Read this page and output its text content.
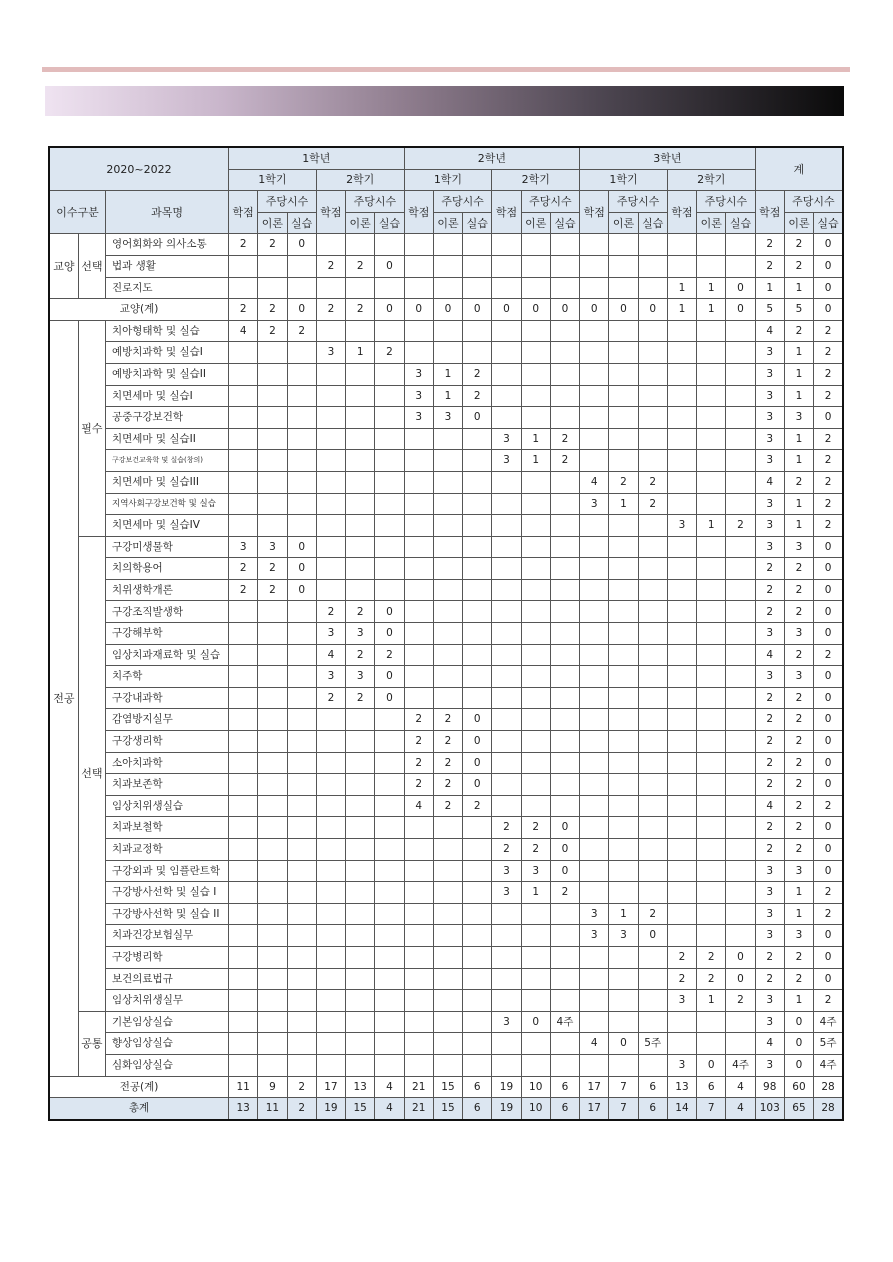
2020~2022			1학년						2학년						3학년						계		
			1학기			2학기			1학기			2학기			1학기			2학기					
이수구분		과목명	학점	주당시수		학점	주당시수		학점	주당시수		학점	주당시수		학점	주당시수		학점	주당시수		학점	주당시수	
				이론	실습		이론	실습		이론	실습		이론	실습		이론	실습		이론	실습		이론	실습
교양	선택	영어회화와 의사소통	2	2	0																2	2	0
		법과 생활				2	2	0													2	2	0
		진로지도																1	1	0	1	1	0
교양(계)			2	2	0	2	2	0	0	0	0	0	0	0	0	0	0	1	1	0	5	5	0
전공	필수	치아형태학 및 실습	4	2	2																4	2	2
		예방치과학 및 실습I				3	1	2													3	1	2
		예방치과학 및 실습II							3	1	2										3	1	2
		치면세마 및 실습I							3	1	2										3	1	2
		공중구강보건학							3	3	0										3	3	0
		치면세마 및 실습II										3	1	2							3	1	2
		구강보건교육학 및 실습(창의)										3	1	2							3	1	2
		치면세마 및 실습III													4	2	2				4	2	2
		지역사회구강보건학 및 실습													3	1	2				3	1	2
		치면세마 및 실습IV																3	1	2	3	1	2
	선택	구강미생물학	3	3	0																3	3	0
		치의학용어	2	2	0																2	2	0
		치위생학개론	2	2	0																2	2	0
		구강조직발생학				2	2	0													2	2	0
		구강해부학				3	3	0													3	3	0
		임상치과재료학 및 실습				4	2	2													4	2	2
		치주학				3	3	0													3	3	0
		구강내과학				2	2	0													2	2	0
		감염방지실무							2	2	0										2	2	0
		구강생리학							2	2	0										2	2	0
		소아치과학							2	2	0										2	2	0
		치과보존학							2	2	0										2	2	0
		임상치위생실습							4	2	2										4	2	2
		치과보철학										2	2	0							2	2	0
		치과교정학										2	2	0							2	2	0
		구강외과 및 임플란트학										3	3	0							3	3	0
		구강방사선학 및 실습 I										3	1	2							3	1	2
		구강방사선학 및 실습 II													3	1	2				3	1	2
		치과건강보험실무													3	3	0				3	3	0
		구강병리학																2	2	0	2	2	0
		보건의료법규																2	2	0	2	2	0
		임상치위생실무																3	1	2	3	1	2
	공통	기본임상실습										3	0	4주							3	0	4주
		향상임상실습													4	0	5주				4	0	5주
		심화임상실습																3	0	4주	3	0	4주
전공(계)			11	9	2	17	13	4	21	15	6	19	10	6	17	7	6	13	6	4	98	60	28
총계			13	11	2	19	15	4	21	15	6	19	10	6	17	7	6	14	7	4	103	65	28
